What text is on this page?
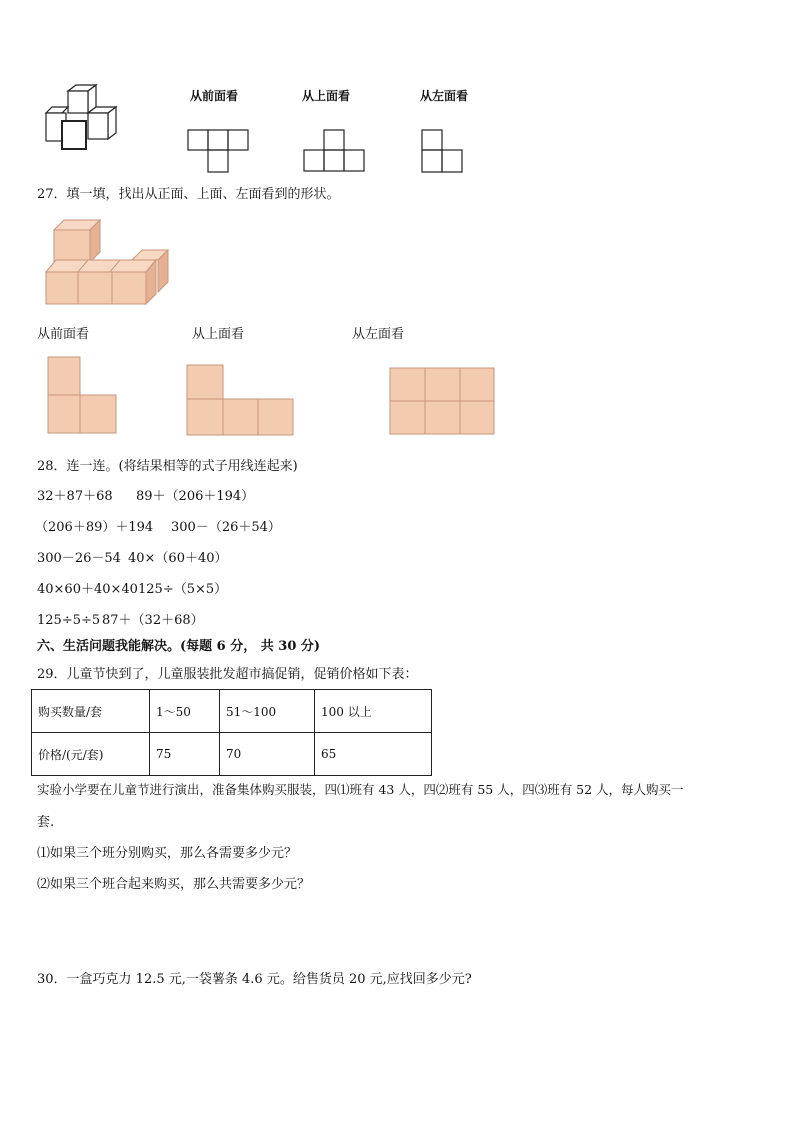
从前面看	从上面看	从左面看
27．填一填，找出从正面、上面、左面看到的形状。
从前面看	从上面看	从左面看
28．连一连。(将结果相等的式子用线连起来)
32＋87＋68 89＋（206＋194）
（206＋89）＋194 300－（26＋54）
300－26－54 40×（60＋40）
40×60＋40×40 125÷（5×5）
125÷5÷5 87＋（32＋68）
六、生活问题我能解决。(每题 6 分， 共 30 分)
29．儿童节快到了，儿童服装批发超市搞促销，促销价格如下表：
购买数量/套	1～50	51～100	100 以上
价格/(元/套)	75	70	65
实验小学要在儿童节进行演出，准备集体购买服装，四⑴班有 43 人，四⑵班有 55 人，四⑶班有 52 人，每人购买一
套.
⑴如果三个班分别购买，那么各需要多少元？
⑵如果三个班合起来购买，那么共需要多少元？
30．一盒巧克力 12.5 元,一袋薯条 4.6 元。给售货员 20 元,应找回多少元?
